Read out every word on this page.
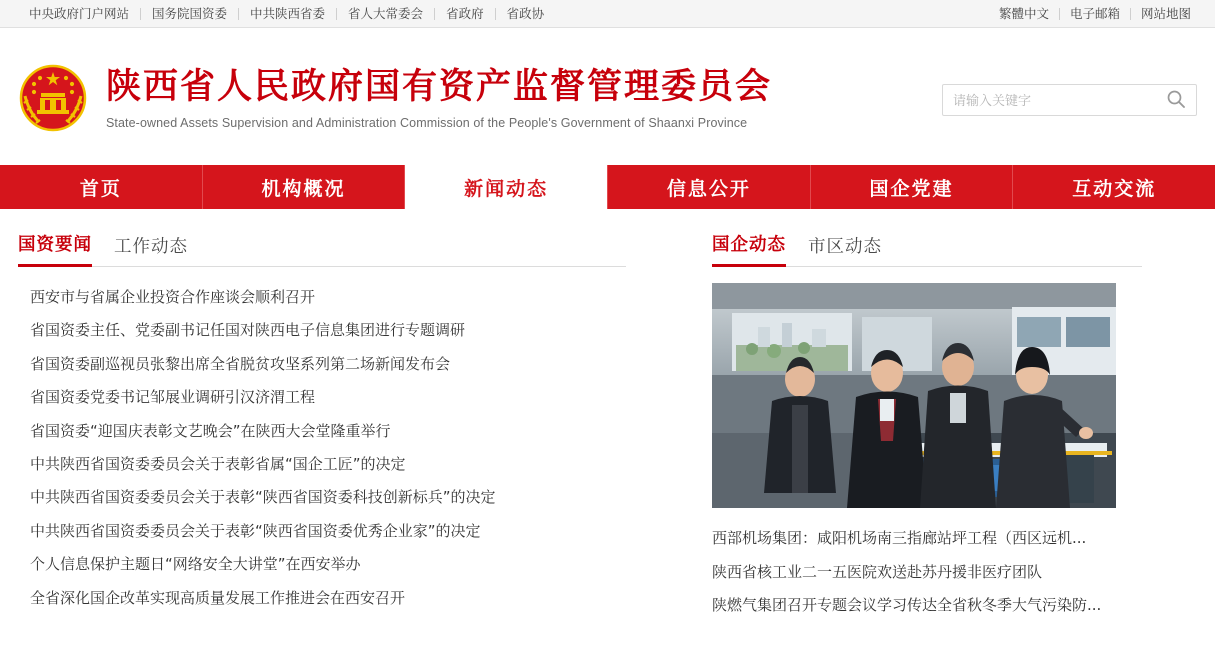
中央政府门户网站	国务院国资委	中共陕西省委	省人大常委会	省政府	省政协	繁體中文	电子邮箱	网站地图
陕西省人民政府国有资产监督管理委员会
State-owned Assets Supervision and Administration Commission of the People's Government of Shaanxi Province
请输入关键字
首页	机构概况	新闻动态	信息公开	国企党建	互动交流
国资要闻 工作动态
西安市与省属企业投资合作座谈会顺利召开
省国资委主任、党委副书记任国对陕西电子信息集团进行专题调研
省国资委副巡视员张黎出席全省脱贫攻坚系列第二场新闻发布会
省国资委党委书记邹展业调研引汉济渭工程
省国资委“迎国庆表彰文艺晚会”在陕西大会堂隆重举行
中共陕西省国资委委员会关于表彰省属“国企工匠”的决定
中共陕西省国资委委员会关于表彰“陕西省国资委科技创新标兵”的决定
中共陕西省国资委委员会关于表彰“陕西省国资委优秀企业家”的决定
个人信息保护主题日“网络安全大讲堂”在西安举办
全省深化国企改革实现高质量发展工作推进会在西安召开
国企动态 市区动态
西部机场集团：咸阳机场南三指廊站坪工程（西区远机...
陕西省核工业二一五医院欢送赴苏丹援非医疗团队
陕燃气集团召开专题会议学习传达全省秋冬季大气污染防...
